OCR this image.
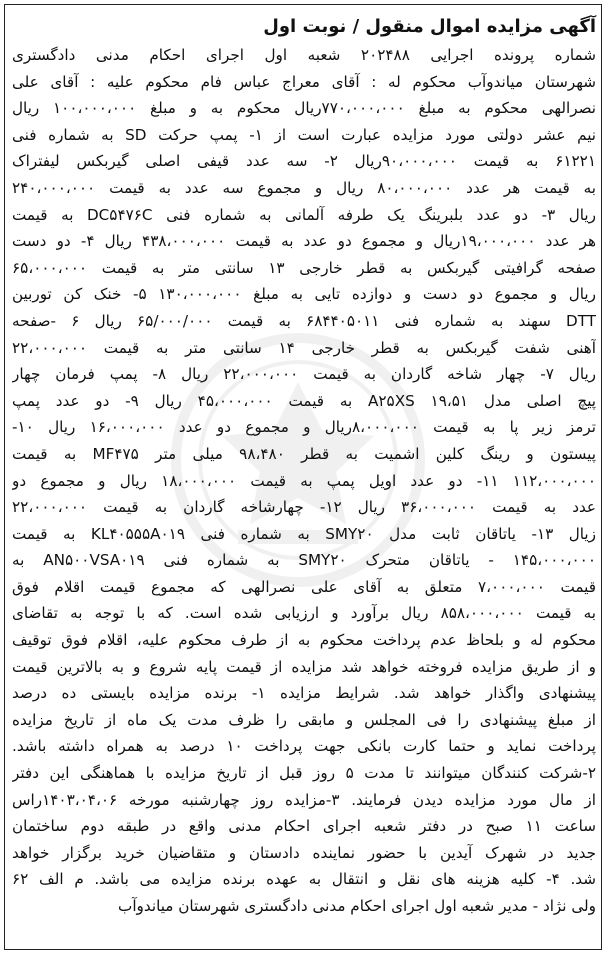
آگهی مزایده اموال منقول / نوبت اول
شماره پرونده اجرایی ۲۰۲۴۸۸ شعبه اول اجرای احکام مدنی دادگستری
شهرستان میاندوآب محکوم له : آقای معراج عباس فام محکوم علیه : آقای علی
نصرالهی محکوم به مبلغ ۷۷۰،۰۰۰،۰۰۰ریال محکوم به و مبلغ ۱۰۰،۰۰۰،۰۰۰ ریال
نیم عشر دولتی مورد مزایده عبارت است از ۱- پمپ حرکت SD به شماره فنی
۶۱۲۲۱ به قیمت ۹۰،۰۰۰،۰۰۰ریال ۲- سه عدد قیفی اصلی گیربکس لیفتراک
به قیمت هر عدد ۸۰،۰۰۰،۰۰۰ ریال و مجموع سه عدد به قیمت ۲۴۰،۰۰۰،۰۰۰
ریال ۳- دو عدد بلبرینگ یک طرفه آلمانی به شماره فنی DC۵۴۷۶C به قیمت
هر عدد ۱۹،۰۰۰،۰۰۰ریال و مجموع دو عدد به قیمت ۴۳۸،۰۰۰،۰۰۰ ریال ۴- دو دست
صفحه گرافیتی گیربکس به قطر خارجی ۱۳ سانتی متر به قیمت ۶۵،۰۰۰،۰۰۰
ریال و مجموع دو دست و دوازده تایی به مبلغ ۱۳۰،۰۰۰،۰۰۰ ۵- خنک کن توربین
DTT سهند به شماره فنی ۶۸۴۴۰۵۰۱۱ به قیمت ۶۵/۰۰۰/۰۰۰ ریال ۶ -صفحه
آهنی شفت گیربکس به قطر خارجی ۱۴ سانتی متر به قیمت ۲۲،۰۰۰،۰۰۰
ریال ۷- چهار شاخه گاردان به قیمت ۲۲،۰۰۰،۰۰۰ ریال ۸- پمپ فرمان چهار
پیچ اصلی مدل ۱۹،۵۱ A۲۵XS به قیمت ۴۵،۰۰۰،۰۰۰ ریال ۹- دو عدد پمپ
ترمز زیر پا به قیمت ۸،۰۰۰،۰۰۰ریال و مجموع دو عدد ۱۶،۰۰۰،۰۰۰ ریال ۱۰-
پیستون و رینگ کلین اشمیت به قطر ۹۸،۴۸۰ میلی متر MF۴۷۵ به قیمت
۱۱۲،۰۰۰،۰۰۰ ۱۱- دو عدد اویل پمپ به قیمت ۱۸،۰۰۰،۰۰۰ ریال و مجموع دو
عدد به قیمت ۳۶،۰۰۰،۰۰۰ ریال ۱۲- چهارشاخه گاردان به قیمت ۲۲،۰۰۰،۰۰۰
زیال ۱۳- یاتاقان ثابت مدل SMY۲۰ به شماره فنی KL۴۰۵۵۵A۰۱۹ به قیمت
۱۴۵،۰۰۰،۰۰۰ - یاتاقان متحرک SMY۲۰ به شماره فنی AN۵۰۰VSA۰۱۹ به
قیمت ۷،۰۰۰،۰۰۰ متعلق به آقای علی نصرالهی که مجموع قیمت اقلام فوق
به قیمت ۸۵۸،۰۰۰،۰۰۰ ریال برآورد و ارزیابی شده است. که با توجه به تقاضای
محکوم له و بلحاظ عدم پرداخت محکوم به از طرف محکوم علیه، اقلام فوق توقیف
و از طریق مزایده فروخته خواهد شد مزایده از قیمت پایه شروع و به بالاترین قیمت
پیشنهادی واگذار خواهد شد. شرایط مزایده ۱- برنده مزایده بایستی ده درصد
از مبلغ پیشنهادی را فی المجلس و مابقی را ظرف مدت یک ماه از تاریخ مزایده
پرداخت نماید و حتما کارت بانکی جهت پرداخت ۱۰ درصد به همراه داشته باشد.
۲-شرکت کنندگان میتوانند تا مدت ۵ روز قبل از تاریخ مزایده با هماهنگی این دفتر
از مال مورد مزایده دیدن فرمایند. ۳-مزایده روز چهارشنبه مورخه ۱۴۰۳،۰۴،۰۶راس
ساعت ۱۱ صبح در دفتر شعبه اجرای احکام مدنی واقع در طبقه دوم ساختمان
جدید در شهرک آیدین با حضور نماینده دادستان و متقاضیان خرید برگزار خواهد
شد. ۴- کلیه هزینه های نقل و انتقال به عهده برنده مزایده می باشد. م الف ۶۲
ولی نژاد - مدیر شعبه اول اجرای احکام مدنی دادگستری شهرستان میاندوآب
